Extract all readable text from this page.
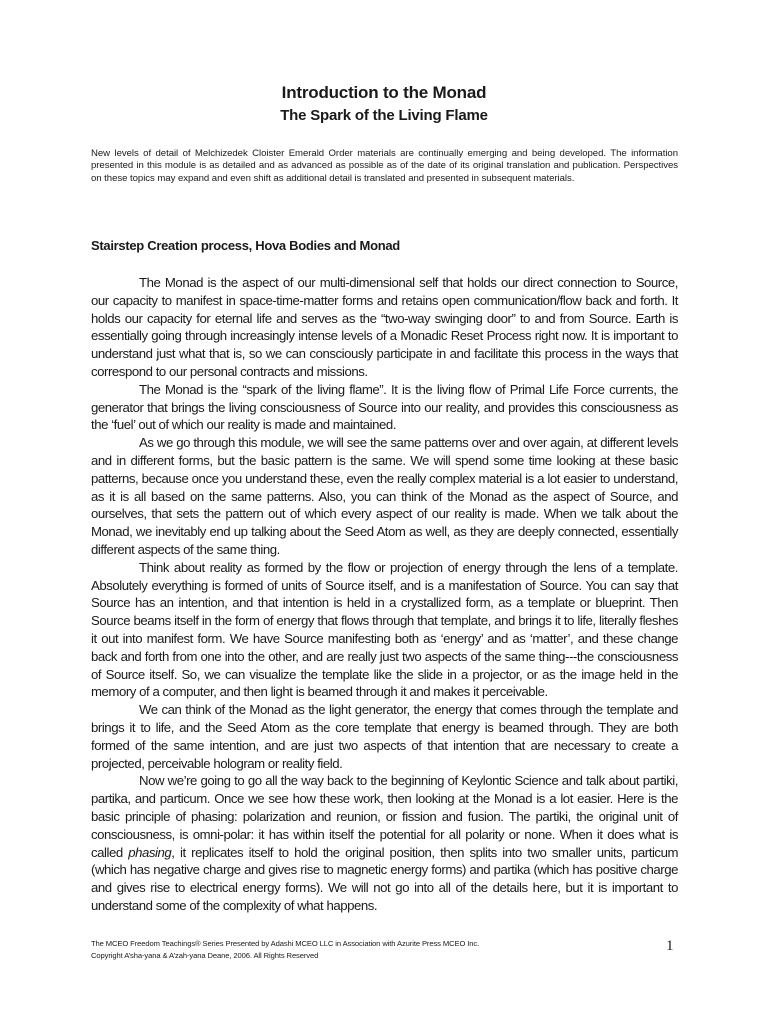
Introduction to the Monad
The Spark of the Living Flame

New levels of detail of Melchizedek Cloister Emerald Order materials are continually emerging and being developed. The information presented in this module is as detailed and as advanced as possible as of the date of its original translation and publication. Perspectives on these topics may expand and even shift as additional detail is translated and presented in subsequent materials.

Stairstep Creation process, Hova Bodies and Monad

The Monad is the aspect of our multi-dimensional self that holds our direct connection to Source, our capacity to manifest in space-time-matter forms and retains open communication/flow back and forth. It holds our capacity for eternal life and serves as the “two-way swinging door” to and from Source. Earth is essentially going through increasingly intense levels of a Monadic Reset Process right now. It is important to understand just what that is, so we can consciously participate in and facilitate this process in the ways that correspond to our personal contracts and missions.

The Monad is the “spark of the living flame”. It is the living flow of Primal Life Force currents, the generator that brings the living consciousness of Source into our reality, and provides this consciousness as the ‘fuel’ out of which our reality is made and maintained.

As we go through this module, we will see the same patterns over and over again, at different levels and in different forms, but the basic pattern is the same. We will spend some time looking at these basic patterns, because once you understand these, even the really complex material is a lot easier to understand, as it is all based on the same patterns. Also, you can think of the Monad as the aspect of Source, and ourselves, that sets the pattern out of which every aspect of our reality is made. When we talk about the Monad, we inevitably end up talking about the Seed Atom as well, as they are deeply connected, essentially different aspects of the same thing.

Think about reality as formed by the flow or projection of energy through the lens of a template. Absolutely everything is formed of units of Source itself, and is a manifestation of Source. You can say that Source has an intention, and that intention is held in a crystallized form, as a template or blueprint. Then Source beams itself in the form of energy that flows through that template, and brings it to life, literally fleshes it out into manifest form. We have Source manifesting both as ‘energy’ and as ‘matter’, and these change back and forth from one into the other, and are really just two aspects of the same thing---the consciousness of Source itself. So, we can visualize the template like the slide in a projector, or as the image held in the memory of a computer, and then light is beamed through it and makes it perceivable.

We can think of the Monad as the light generator, the energy that comes through the template and brings it to life, and the Seed Atom as the core template that energy is beamed through. They are both formed of the same intention, and are just two aspects of that intention that are necessary to create a projected, perceivable hologram or reality field.

Now we’re going to go all the way back to the beginning of Keylontic Science and talk about partiki, partika, and particum. Once we see how these work, then looking at the Monad is a lot easier. Here is the basic principle of phasing: polarization and reunion, or fission and fusion. The partiki, the original unit of consciousness, is omni-polar: it has within itself the potential for all polarity or none. When it does what is called phasing, it replicates itself to hold the original position, then splits into two smaller units, particum (which has negative charge and gives rise to magnetic energy forms) and partika (which has positive charge and gives rise to electrical energy forms). We will not go into all of the details here, but it is important to understand some of the complexity of what happens.

The MCEO Freedom Teachings® Series Presented by Adashi MCEO LLC in Association with Azurite Press MCEO Inc.
Copyright A’sha-yana & A’zah-yana Deane, 2006. All Rights Reserved
1
